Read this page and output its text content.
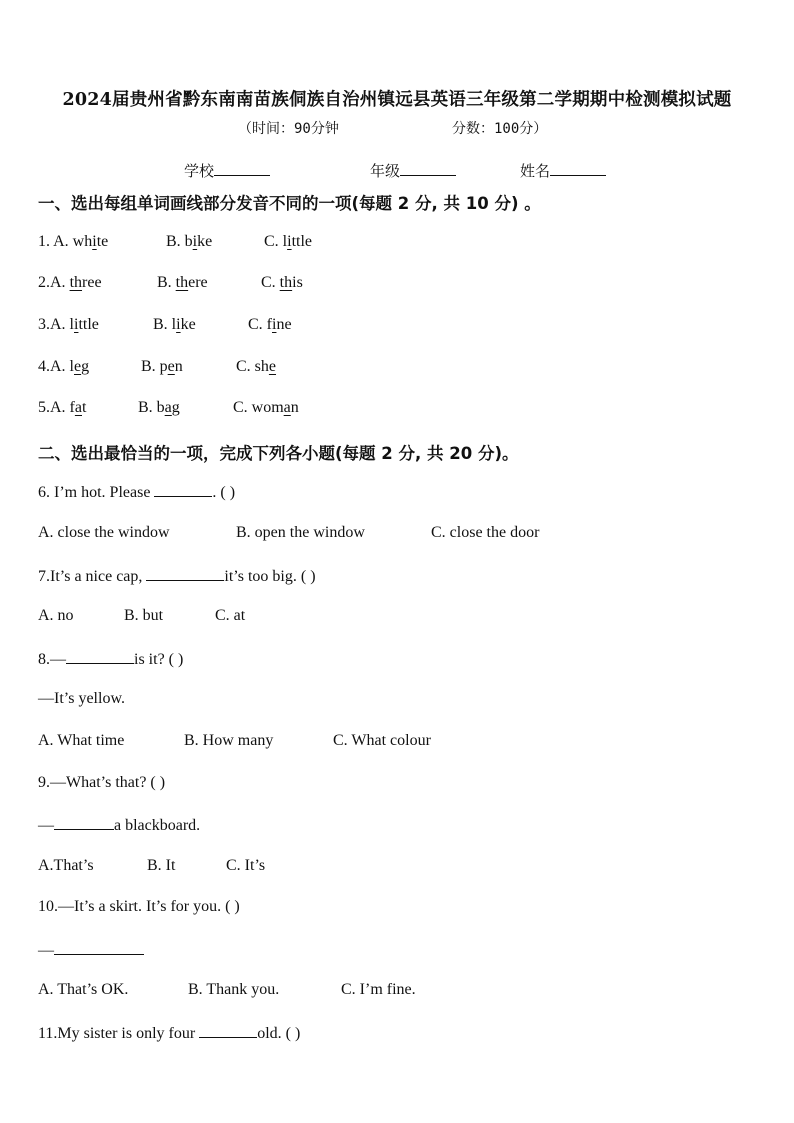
2024届贵州省黔东南南苗族侗族自治州镇远县英语三年级第二学期期中检测模拟试题
（时间：90分钟	分数：100分）
学校	年级	姓名
一、选出每组单词画线部分发音不同的一项(每题 2 分, 共 10 分) 。
1. A. white	B. bike	C. little
2.A. three	B. there	C. this
3.A. little	B. like	C. fine
4.A. leg	B. pen	C. she
5.A. fat	B. bag	C. woman
二、选出最恰当的一项，完成下列各小题(每题 2 分, 共 20 分)。
6. I’m hot. Please	. ( )
A. close the window	B. open the window	C. close the door
7.It’s a nice cap,	it’s too big. ( )
A. no	B. but	C. at
8.—	is it? ( )
—It’s yellow.
A. What time	B. How many	C. What colour
9.—What’s that? ( )
—	a blackboard.
A.That’s	B. It	C. It’s
10.—It’s a skirt. It’s for you. ( )
—
A. That’s OK.	B. Thank you.	C. I’m fine.
11.My sister is only four	old. ( )
